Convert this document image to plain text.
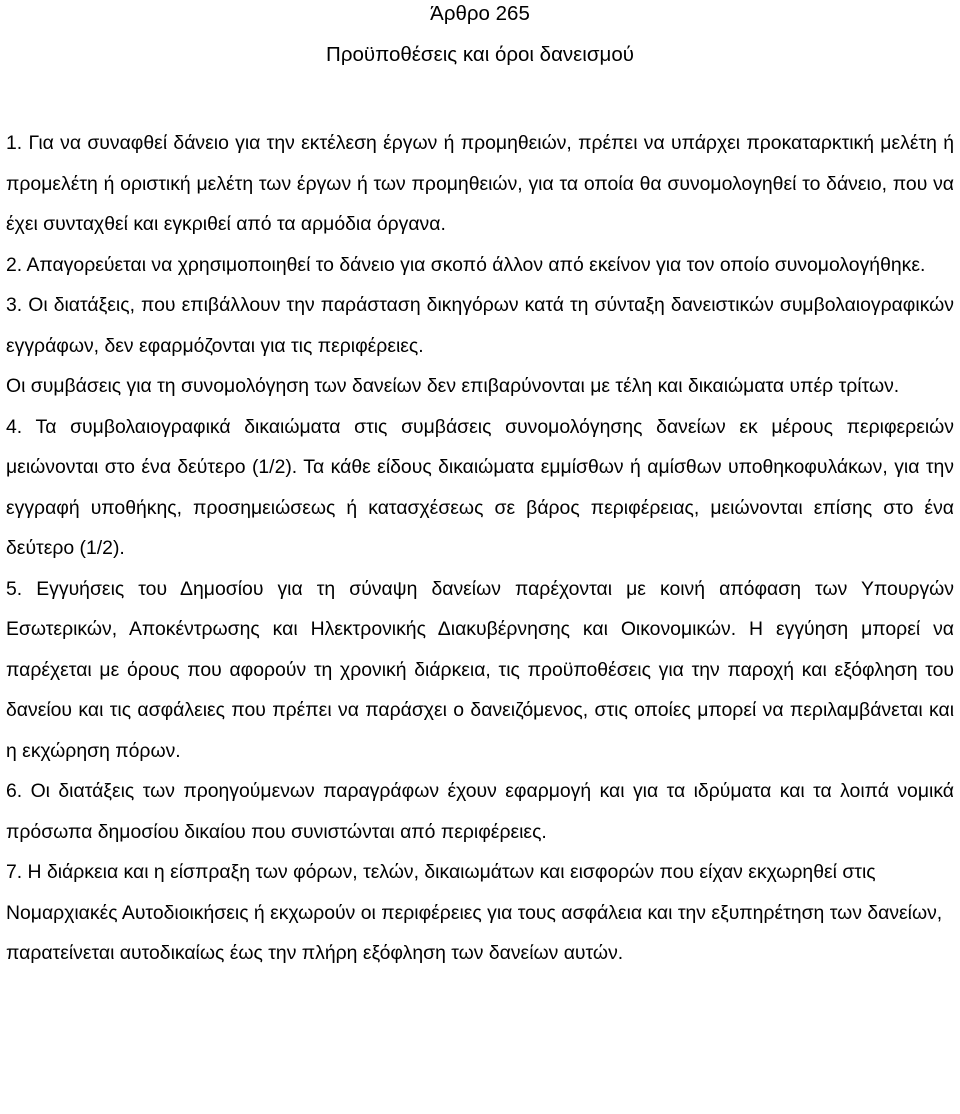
Άρθρο 265
Προϋποθέσεις και όροι δανεισμού

1. Για να συναφθεί δάνειο για την εκτέλεση έργων ή προμηθειών, πρέπει να υπάρχει προκαταρκτική μελέτη ή προμελέτη ή οριστική μελέτη των έργων ή των προμηθειών, για τα οποία θα συνομολογηθεί το δάνειο, που να έχει συνταχθεί και εγκριθεί από τα αρμόδια όργανα.

2. Απαγορεύεται να χρησιμοποιηθεί το δάνειο για σκοπό άλλον από εκείνον για τον οποίο συνομολογήθηκε.

3. Οι διατάξεις, που επιβάλλουν την παράσταση δικηγόρων κατά τη σύνταξη δανειστικών συμβολαιογραφικών εγγράφων, δεν εφαρμόζονται για τις περιφέρειες.

Οι συμβάσεις για τη συνομολόγηση των δανείων δεν επιβαρύνονται με τέλη και δικαιώματα υπέρ τρίτων.

4. Τα συμβολαιογραφικά δικαιώματα στις συμβάσεις συνομολόγησης δανείων εκ μέρους περιφερειών μειώνονται στο ένα δεύτερο (1/2). Τα κάθε είδους δικαιώματα εμμίσθων ή αμίσθων υποθηκοφυλάκων, για την εγγραφή υποθήκης, προσημειώσεως ή κατασχέσεως σε βάρος περιφέρειας, μειώνονται επίσης στο ένα δεύτερο (1/2).

5. Εγγυήσεις του Δημοσίου για τη σύναψη δανείων παρέχονται με κοινή απόφαση των Υπουργών Εσωτερικών, Αποκέντρωσης και Ηλεκτρονικής Διακυβέρνησης και Οικονομικών. Η εγγύηση μπορεί να παρέχεται με όρους που αφορούν τη χρονική διάρκεια, τις προϋποθέσεις για την παροχή και εξόφληση του δανείου και τις ασφάλειες που πρέπει να παράσχει ο δανειζόμενος, στις οποίες μπορεί να περιλαμβάνεται και η εκχώρηση πόρων.

6. Οι διατάξεις των προηγούμενων παραγράφων έχουν εφαρμογή και για τα ιδρύματα και τα λοιπά νομικά πρόσωπα δημοσίου δικαίου που συνιστώνται από περιφέρειες.

7. Η διάρκεια και η είσπραξη των φόρων, τελών, δικαιωμάτων και εισφορών που είχαν εκχωρηθεί στις Νομαρχιακές Αυτοδιοικήσεις ή εκχωρούν οι περιφέρειες για τους ασφάλεια και την εξυπηρέτηση των δανείων, παρατείνεται αυτοδικαίως έως την πλήρη εξόφληση των δανείων αυτών.
